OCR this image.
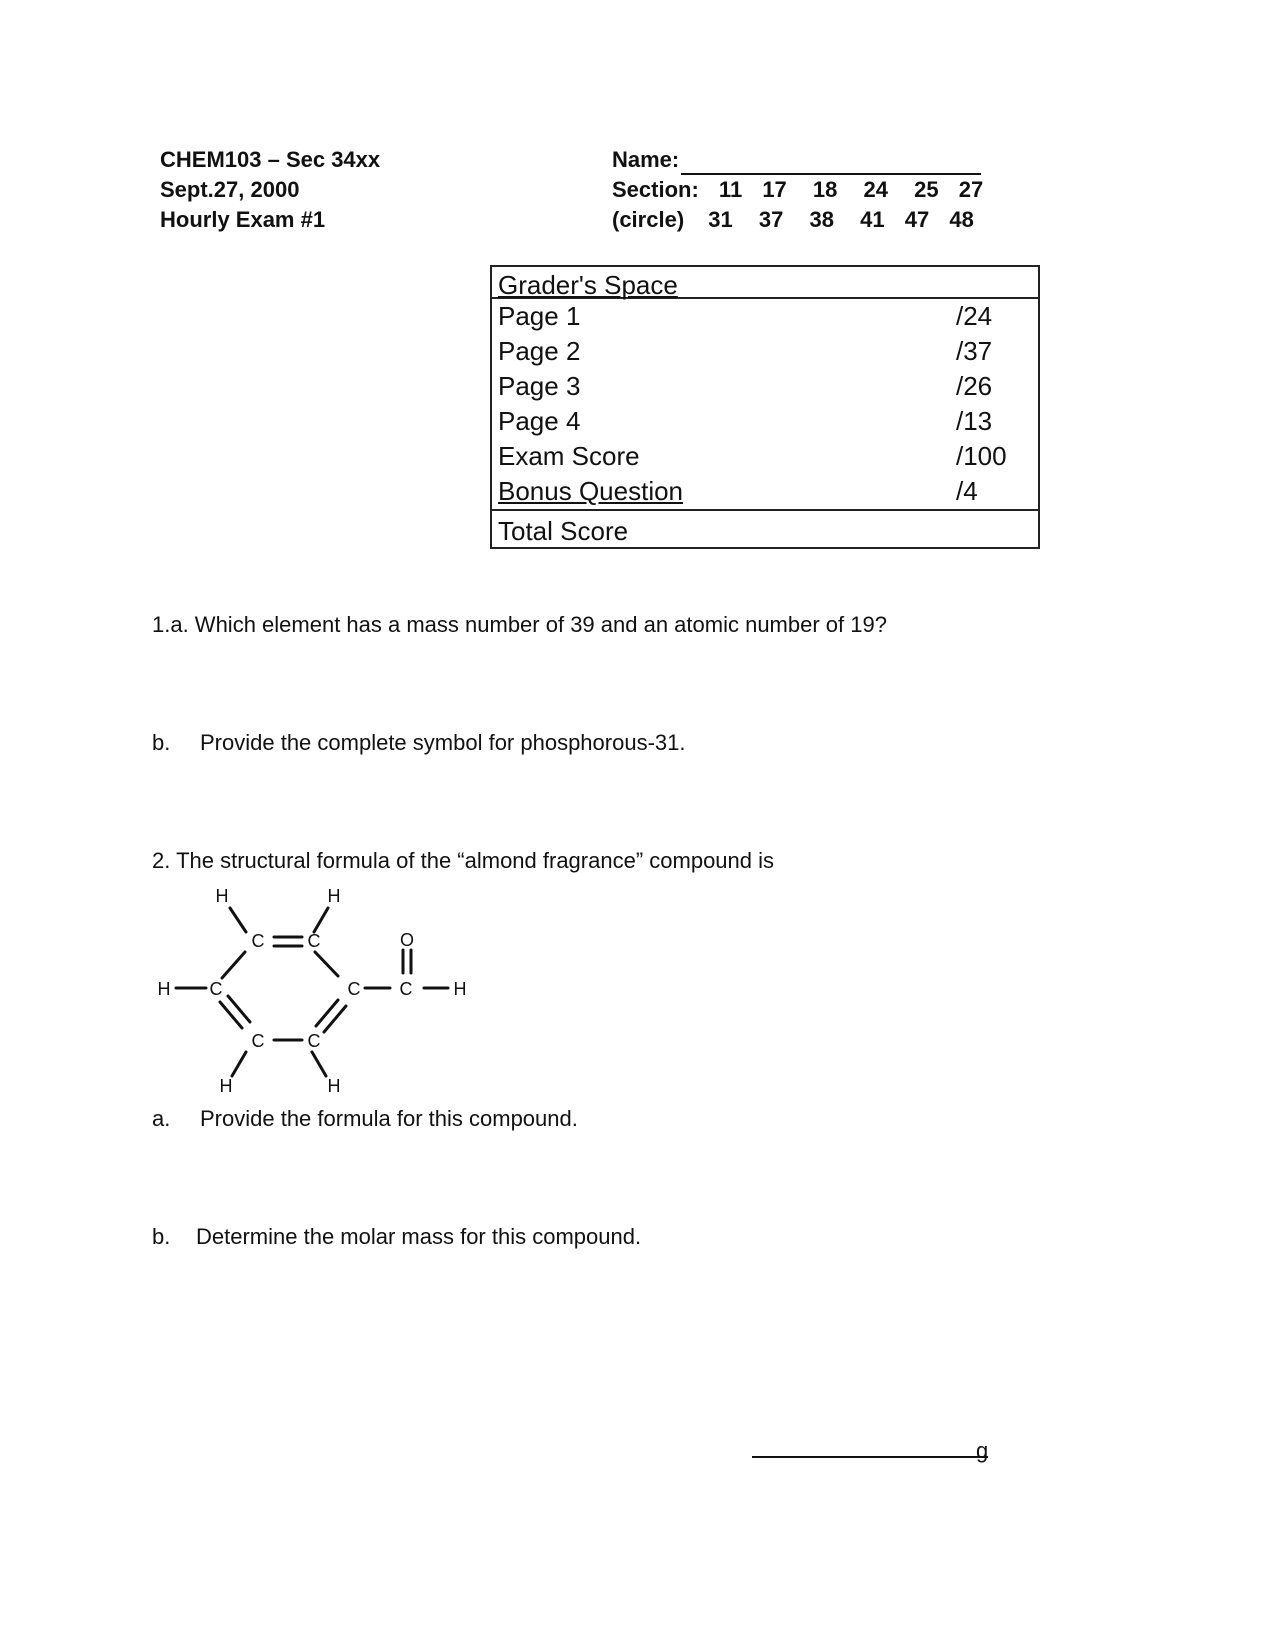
CHEM103 – Sec 34xx
Sept.27, 2000
Hourly Exam #1
Name:
Section: 11 17 18 24 25 27
(circle) 31 37 38 41 47 48
Grader's Space
Page 1	/24
Page 2	/37
Page 3	/26
Page 4	/13
Exam Score	/100
Bonus Question	/4
Total Score
1.a. Which element has a mass number of 39 and an atomic number of 19?
b. Provide the complete symbol for phosphorous-31.
2. The structural formula of the “almond fragrance” compound is
H	H
H	H
H	H
C C
C	C C
C C
O
a. Provide the formula for this compound.
b. Determine the molar mass for this compound.
g
